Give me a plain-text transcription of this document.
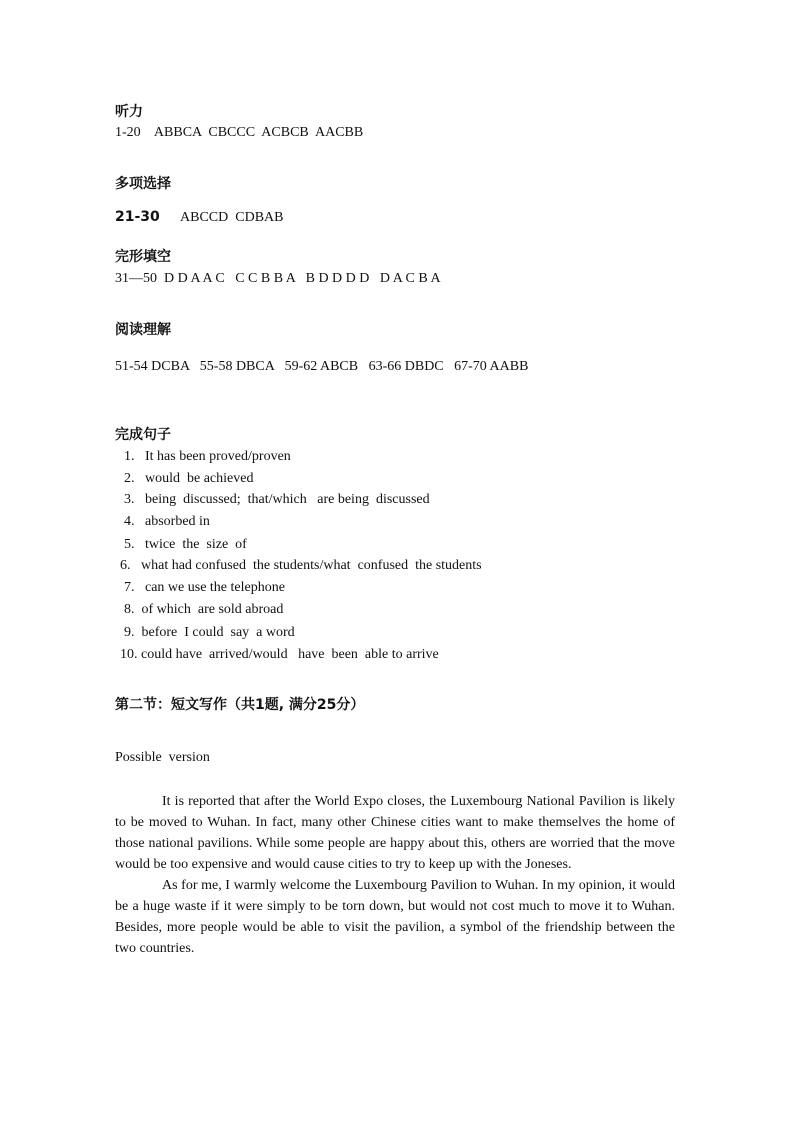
听力
1-20 ABBCA  CBCCC  ACBCB  AACBB
多项选择
21-30 ABCCD  CDBAB
完形填空
31—50  D D A A C   C C B B A   B D D D D   D A C B A
阅读理解
51-54 DCBA   55-58 DBCA   59-62 ABCB   63-66 DBDC   67-70 AABB
完成句子
1.   It has been proved/proven
2.   would  be achieved
3.   being  discussed;  that/which   are being  discussed
4.   absorbed in
5.   twice  the  size  of
6.   what had confused  the students/what  confused  the students
7.   can we use the telephone
8.  of which  are sold abroad
9.  before  I could  say  a word
10. could have  arrived/would   have  been  able to arrive
第二节：短文写作（共1题, 满分25分）
Possible  version

It is reported that after the World Expo closes, the Luxembourg National Pavilion is likely to be moved to Wuhan. In fact, many other Chinese cities want to make themselves the home of those national pavilions. While some people are happy about this, others are worried that the move would be too expensive and would cause cities to try to keep up with the Joneses.

As for me, I warmly welcome the Luxembourg Pavilion to Wuhan. In my opinion, it would be a huge waste if it were simply to be torn down, but would not cost much to move it to Wuhan. Besides, more people would be able to visit the pavilion, a symbol of the friendship between the two countries.
